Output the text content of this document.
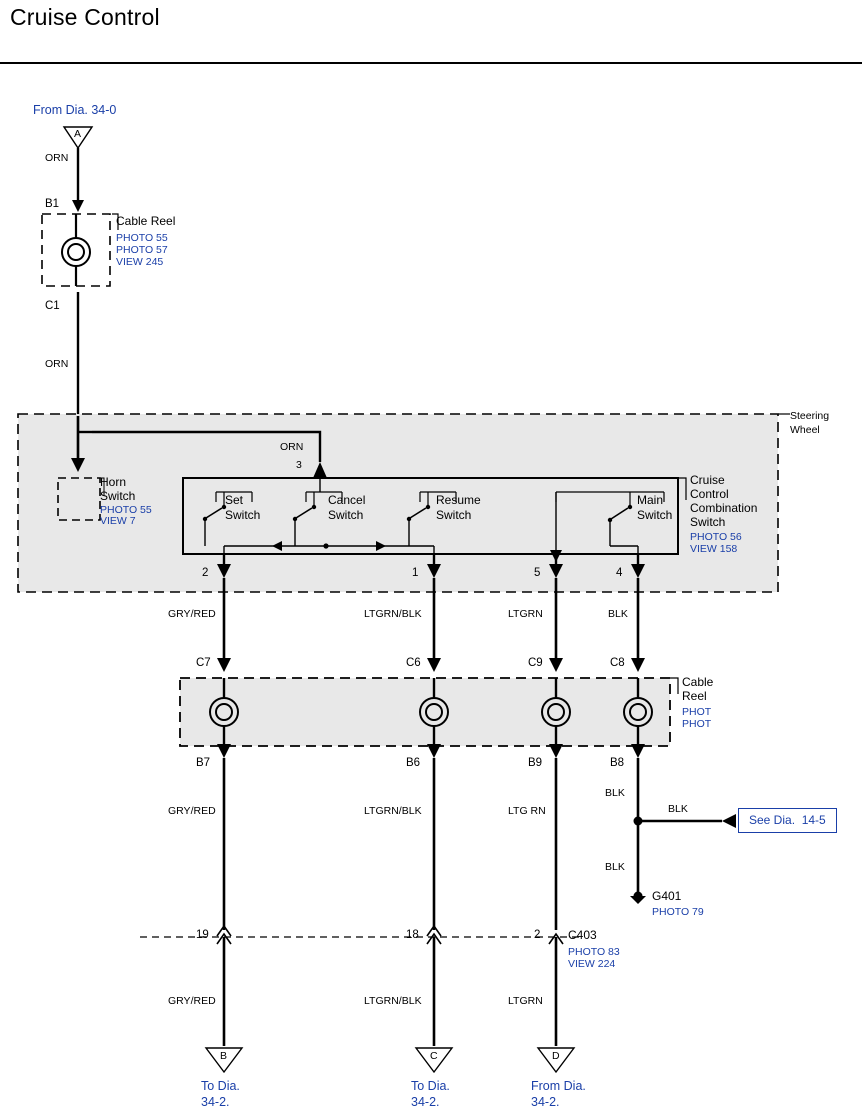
Cruise Control
From Dia. 34-0
A
ORN
B1
Cable Reel
PHOTO 55
PHOTO 57
VIEW 245
C1
ORN
Steering
Wheel
ORN
3
Horn
Switch
PHOTO 55
VIEW 7
Set
Switch
Cancel
Switch
Resume
Switch
Main
Switch
Cruise
Control
Combination
Switch
PHOTO 56
VIEW 158
2	1	5	4
GRY/RED	LTGRN/BLK	LTGRN	BLK
C7	C6	C9	C8
Cable
Reel
PHOT
PHOT
B7	B6	B9	B8
GRY/RED	LTGRN/BLK	LTG RN
BLK
BLK
BLK
See Dia.  14-5
G401
PHOTO 79
19	18	2 C403
PHOTO 83
VIEW 224
GRY/RED	LTGRN/BLK	LTGRN
B	C	D
To Dia.
34-2.
To Dia.
34-2.
From Dia.
34-2.
